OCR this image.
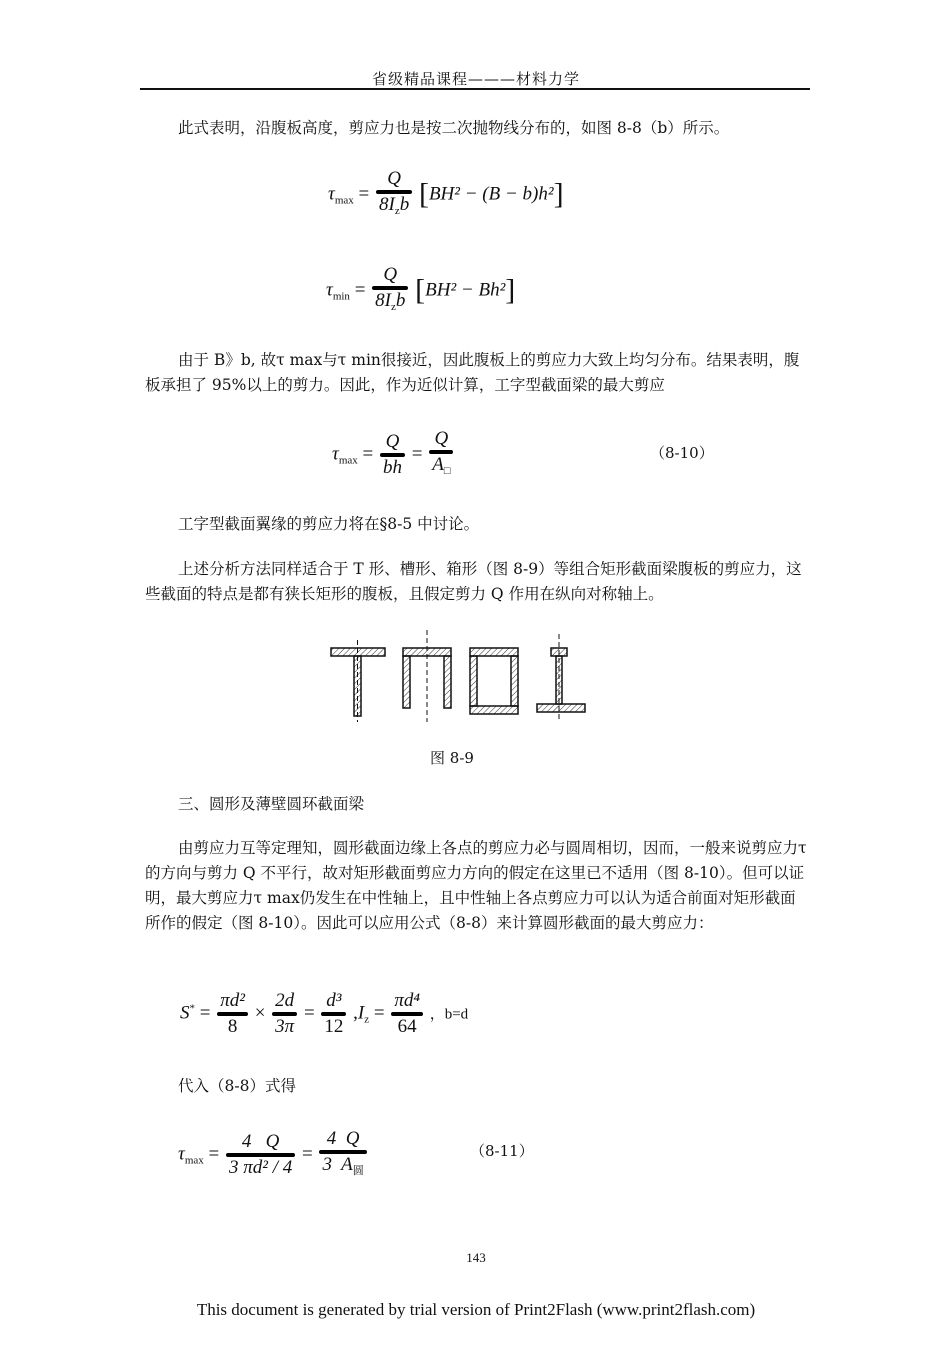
省级精品课程———材料力学
此式表明，沿腹板高度，剪应力也是按二次抛物线分布的，如图 8-8（b）所示。
$\tau_{max} = \frac{Q}{8I_zb} [BH^2 - (B - b)h^2]$
$\tau_{min} = \frac{Q}{8I_zb} [BH^2 - Bh^2]$
由于 B》b, 故τ max与τ min很接近，因此腹板上的剪应力大致上均匀分布。结果表明，腹板承担了 95%以上的剪力。因此，作为近似计算，工字型截面梁的最大剪应
$\tau_{max} = \frac{Q}{bh} = \frac{Q}{A_□}$	（8-10）
工字型截面翼缘的剪应力将在§8-5 中讨论。
上述分析方法同样适合于 T 形、槽形、箱形（图 8-9）等组合矩形截面梁腹板的剪应力，这些截面的特点是都有狭长矩形的腹板，且假定剪力 Q 作用在纵向对称轴上。
图 8-9
三、圆形及薄壁圆环截面梁
由剪应力互等定理知，圆形截面边缘上各点的剪应力必与圆周相切，因而，一般来说剪应力τ的方向与剪力 Q 不平行，故对矩形截面剪应力方向的假定在这里已不适用（图 8-10）。但可以证明，最大剪应力τ max仍发生在中性轴上，且中性轴上各点剪应力可以认为适合前面对矩形截面所作的假定（图 8-10）。因此可以应用公式（8-8）来计算圆形截面的最大剪应力：
$S^* = \frac{\text{πd²}}{8} \times \frac{2d}{3\pi} = \frac{\text{d³}}{12} ,I_z = \frac{\text{πd⁴}}{64}$ ，b=d
代入（8-8）式得
$\tau_{max} = \frac{4 Q}{\text{3 πd² / 4}} = \frac{4 Q}{3 A_圆}$	（8-11）
143
This document is generated by trial version of Print2Flash (www.print2flash.com)
